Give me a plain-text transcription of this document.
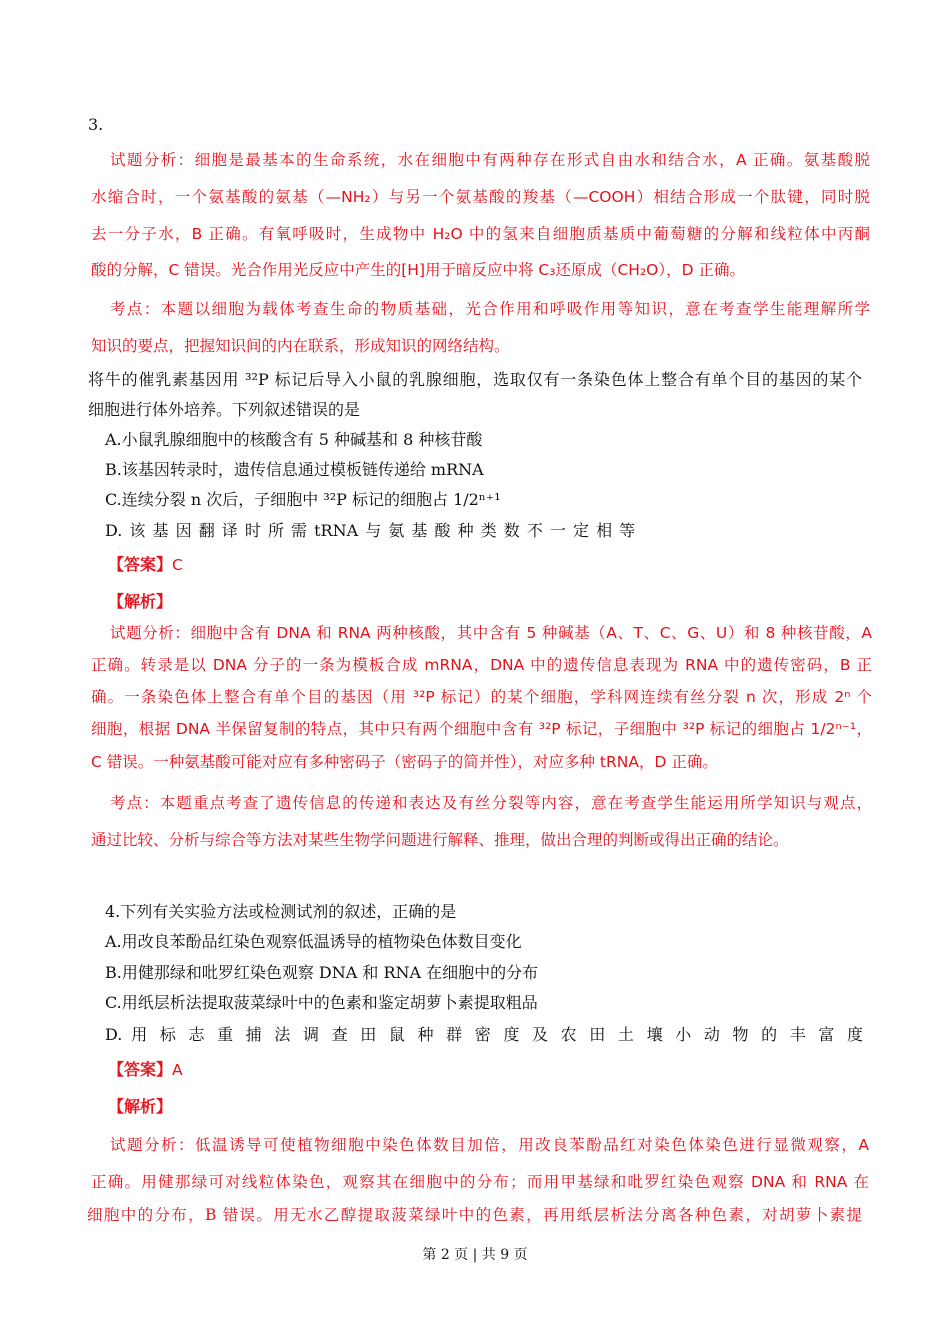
3.
试题分析：细胞是最基本的生命系统，水在细胞中有两种存在形式自由水和结合水，A 正确。氨基酸脱
水缩合时，一个氨基酸的氨基（—NH₂）与另一个氨基酸的羧基（—COOH）相结合形成一个肽键，同时脱
去一分子水，B 正确。有氧呼吸时，生成物中 H₂O 中的氢来自细胞质基质中葡萄糖的分解和线粒体中丙酮
酸的分解，C 错误。光合作用光反应中产生的[H]用于暗反应中将 C₃还原成（CH₂O），D 正确。
考点：本题以细胞为载体考查生命的物质基础，光合作用和呼吸作用等知识，意在考查学生能理解所学
知识的要点，把握知识间的内在联系，形成知识的网络结构。
将牛的催乳素基因用 ³²P 标记后导入小鼠的乳腺细胞，选取仅有一条染色体上整合有单个目的基因的某个
细胞进行体外培养。下列叙述错误的是
A.小鼠乳腺细胞中的核酸含有 5 种碱基和 8 种核苷酸
B.该基因转录时，遗传信息通过模板链传递给 mRNA
C.连续分裂 n 次后，子细胞中 ³²P 标记的细胞占 1/2ⁿ⁺¹
D. 该 基 因 翻 译 时 所 需 tRNA 与 氨 基 酸 种 类 数 不 一 定 相 等
【答案】C
【解析】
试题分析：细胞中含有 DNA 和 RNA 两种核酸，其中含有 5 种碱基（A、T、C、G、U）和 8 种核苷酸，A
正确。转录是以 DNA 分子的一条为模板合成 mRNA，DNA 中的遗传信息表现为 RNA 中的遗传密码，B 正
确。一条染色体上整合有单个目的基因（用 ³²P 标记）的某个细胞，学科网连续有丝分裂 n 次，形成 2ⁿ 个
细胞，根据 DNA 半保留复制的特点，其中只有两个细胞中含有 ³²P 标记，子细胞中 ³²P 标记的细胞占 1/2ⁿ⁻¹，
C 错误。一种氨基酸可能对应有多种密码子（密码子的简并性），对应多种 tRNA，D 正确。
考点：本题重点考查了遗传信息的传递和表达及有丝分裂等内容，意在考查学生能运用所学知识与观点，
通过比较、分析与综合等方法对某些生物学问题进行解释、推理，做出合理的判断或得出正确的结论。
4.下列有关实验方法或检测试剂的叙述，正确的是
A.用改良苯酚品红染色观察低温诱导的植物染色体数目变化
B.用健那绿和吡罗红染色观察 DNA 和 RNA 在细胞中的分布
C.用纸层析法提取菠菜绿叶中的色素和鉴定胡萝卜素提取粗品
D. 用 标 志 重 捕 法 调 查 田 鼠 种 群 密 度 及 农 田 土 壤 小 动 物 的 丰 富 度
【答案】A
【解析】
试题分析：低温诱导可使植物细胞中染色体数目加倍，用改良苯酚品红对染色体染色进行显微观察，A
正确。用健那绿可对线粒体染色，观察其在细胞中的分布；而用甲基绿和吡罗红染色观察 DNA 和 RNA 在
细胞中的分布，B 错误。用无水乙醇提取菠菜绿叶中的色素，再用纸层析法分离各种色素，对胡萝卜素提
第 2 页 | 共 9 页
